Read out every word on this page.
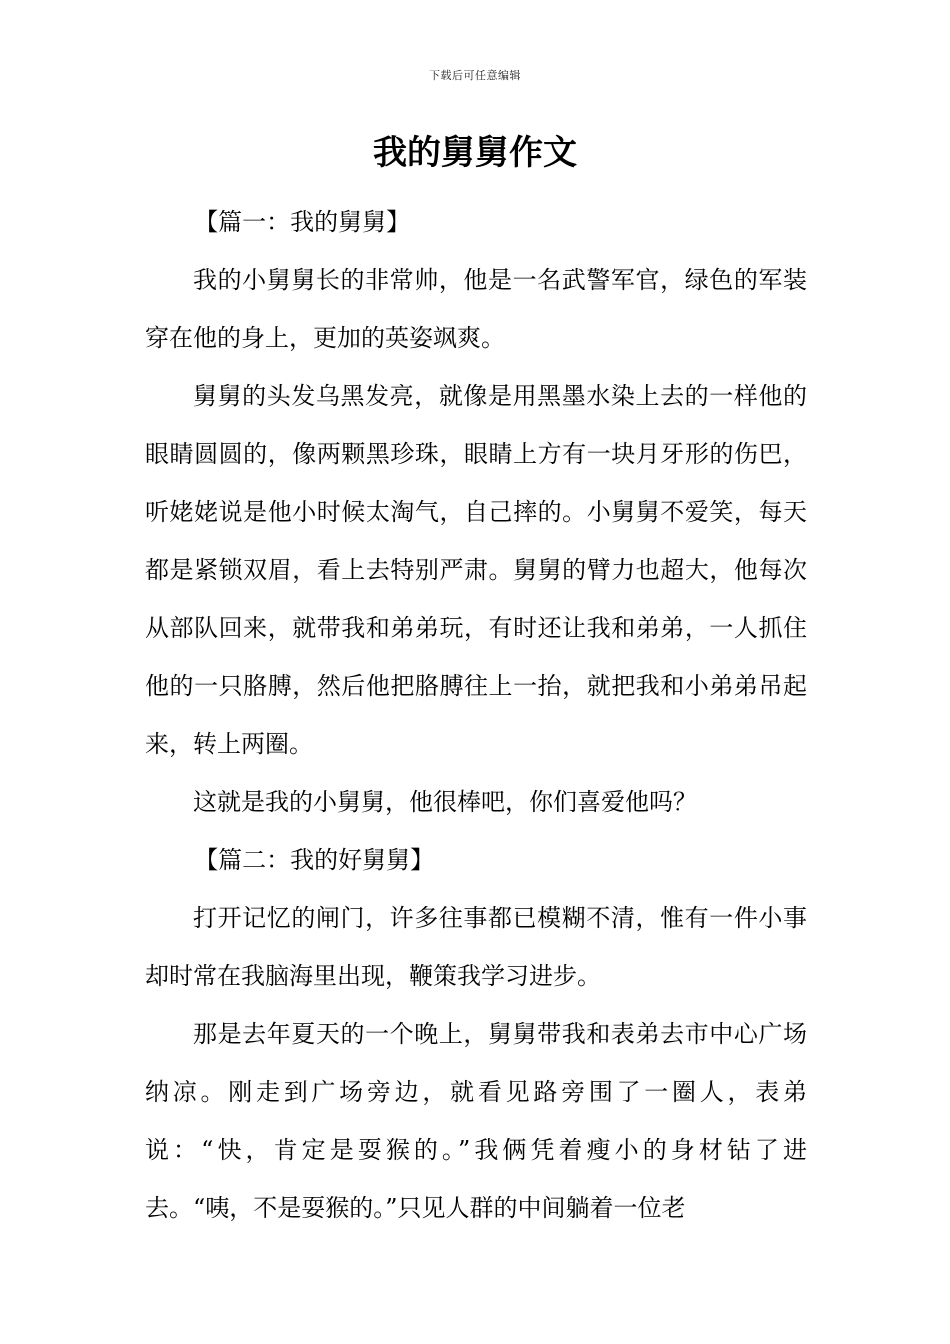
下载后可任意编辑
我的舅舅作文

【篇一：我的舅舅】

我的小舅舅长的非常帅，他是一名武警军官，绿色的军装穿在他的身上，更加的英姿飒爽。

舅舅的头发乌黑发亮，就像是用黑墨水染上去的一样他的眼睛圆圆的，像两颗黑珍珠，眼睛上方有一块月牙形的伤巴，听姥姥说是他小时候太淘气，自己摔的。小舅舅不爱笑，每天都是紧锁双眉，看上去特别严肃。舅舅的臂力也超大，他每次从部队回来，就带我和弟弟玩，有时还让我和弟弟，一人抓住他的一只胳膊，然后他把胳膊往上一抬，就把我和小弟弟吊起来，转上两圈。

这就是我的小舅舅，他很棒吧，你们喜爱他吗？

【篇二：我的好舅舅】

打开记忆的闸门，许多往事都已模糊不清，惟有一件小事却时常在我脑海里出现，鞭策我学习进步。

那是去年夏天的一个晚上，舅舅带我和表弟去市中心广场纳凉。刚走到广场旁边，就看见路旁围了一圈人，表弟说：“快，肯定是耍猴的。”我俩凭着瘦小的身材钻了进去。“咦，不是耍猴的。”只见人群的中间躺着一位老
